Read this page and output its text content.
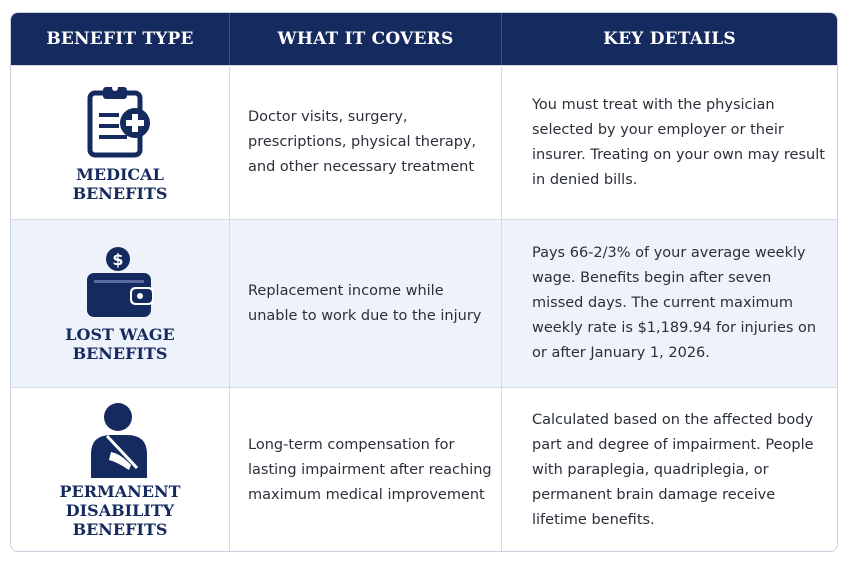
BENEFIT TYPE	WHAT IT COVERS	KEY DETAILS
MEDICAL
BENEFITS

Doctor visits, surgery, prescriptions, physical therapy, and other necessary treatment

You must treat with the physician selected by your employer or their insurer. Treating on your own may result in denied bills.

$
LOST WAGE
BENEFITS

Replacement income while unable to work due to the injury

Pays 66-2/3% of your average weekly wage. Benefits begin after seven missed days. The current maximum weekly rate is $1,189.94 for injuries on or after January 1, 2026.

PERMANENT
DISABILITY
BENEFITS

Long-term compensation for lasting impairment after reaching maximum medical improvement

Calculated based on the affected body part and degree of impairment. People with paraplegia, quadriplegia, or permanent brain damage receive lifetime benefits.
